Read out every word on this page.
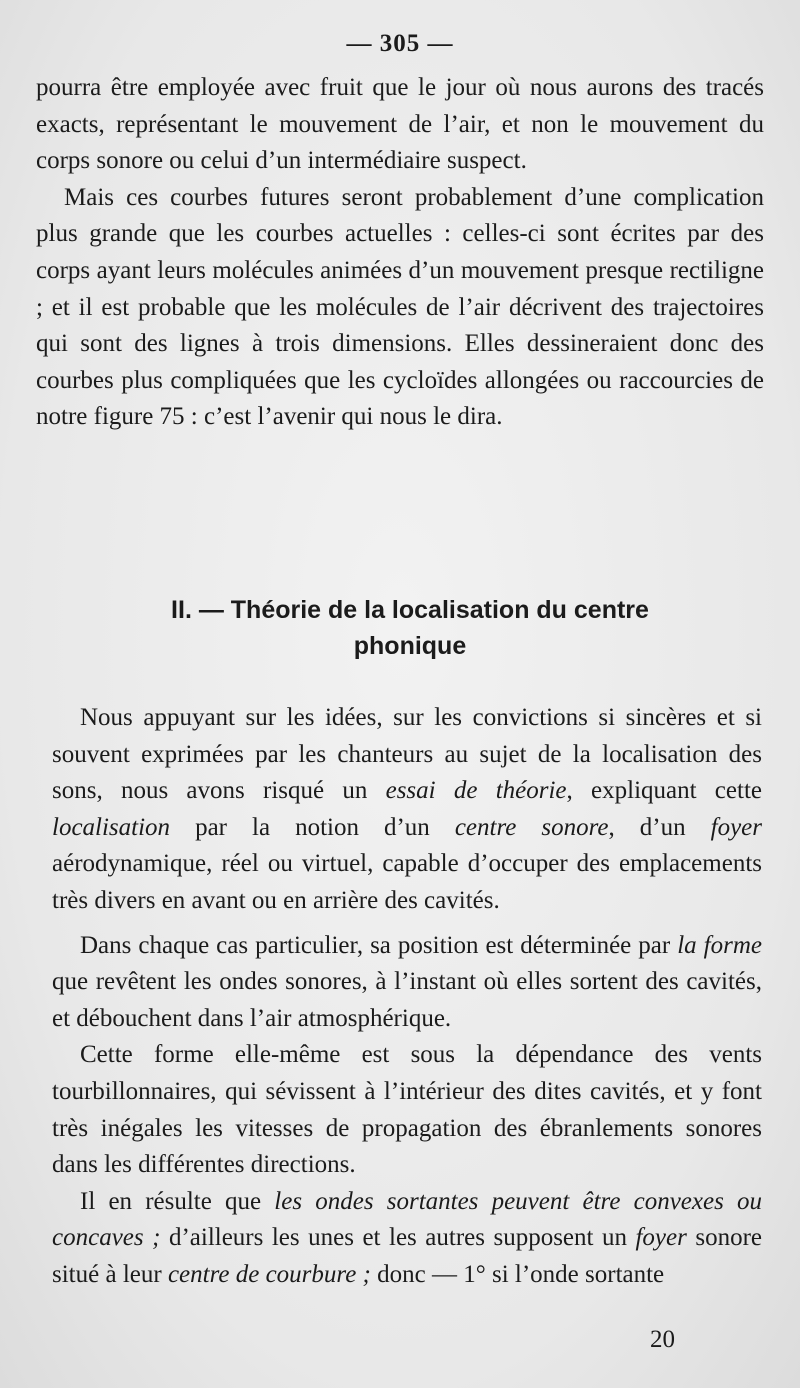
— 305 —

pourra être employée avec fruit que le jour où nous aurons des tracés exacts, représentant le mouvement de l’air, et non le mouvement du corps sonore ou celui d’un intermédiaire suspect.

Mais ces courbes futures seront probablement d’une complication plus grande que les courbes actuelles : celles-ci sont écrites par des corps ayant leurs molécules animées d’un mouvement presque rectiligne ; et il est probable que les molécules de l’air décrivent des trajectoires qui sont des lignes à trois dimensions. Elles dessineraient donc des courbes plus compliquées que les cycloïdes allongées ou raccourcies de notre figure 75 : c’est l’avenir qui nous le dira.

II. — Théorie de la localisation du centre
phonique

Nous appuyant sur les idées, sur les convictions si sincères et si souvent exprimées par les chanteurs au sujet de la localisation des sons, nous avons risqué un essai de théorie, expliquant cette localisation par la notion d’un centre sonore, d’un foyer aérodynamique, réel ou virtuel, capable d’occuper des emplacements très divers en avant ou en arrière des cavités.

Dans chaque cas particulier, sa position est déterminée par la forme que revêtent les ondes sonores, à l’instant où elles sortent des cavités, et débouchent dans l’air atmosphérique.

Cette forme elle-même est sous la dépendance des vents tourbillonnaires, qui sévissent à l’intérieur des dites cavités, et y font très inégales les vitesses de propagation des ébranlements sonores dans les différentes directions.

Il en résulte que les ondes sortantes peuvent être convexes ou concaves ; d’ailleurs les unes et les autres supposent un foyer sonore situé à leur centre de courbure ; donc — 1° si l’onde sortante

20
